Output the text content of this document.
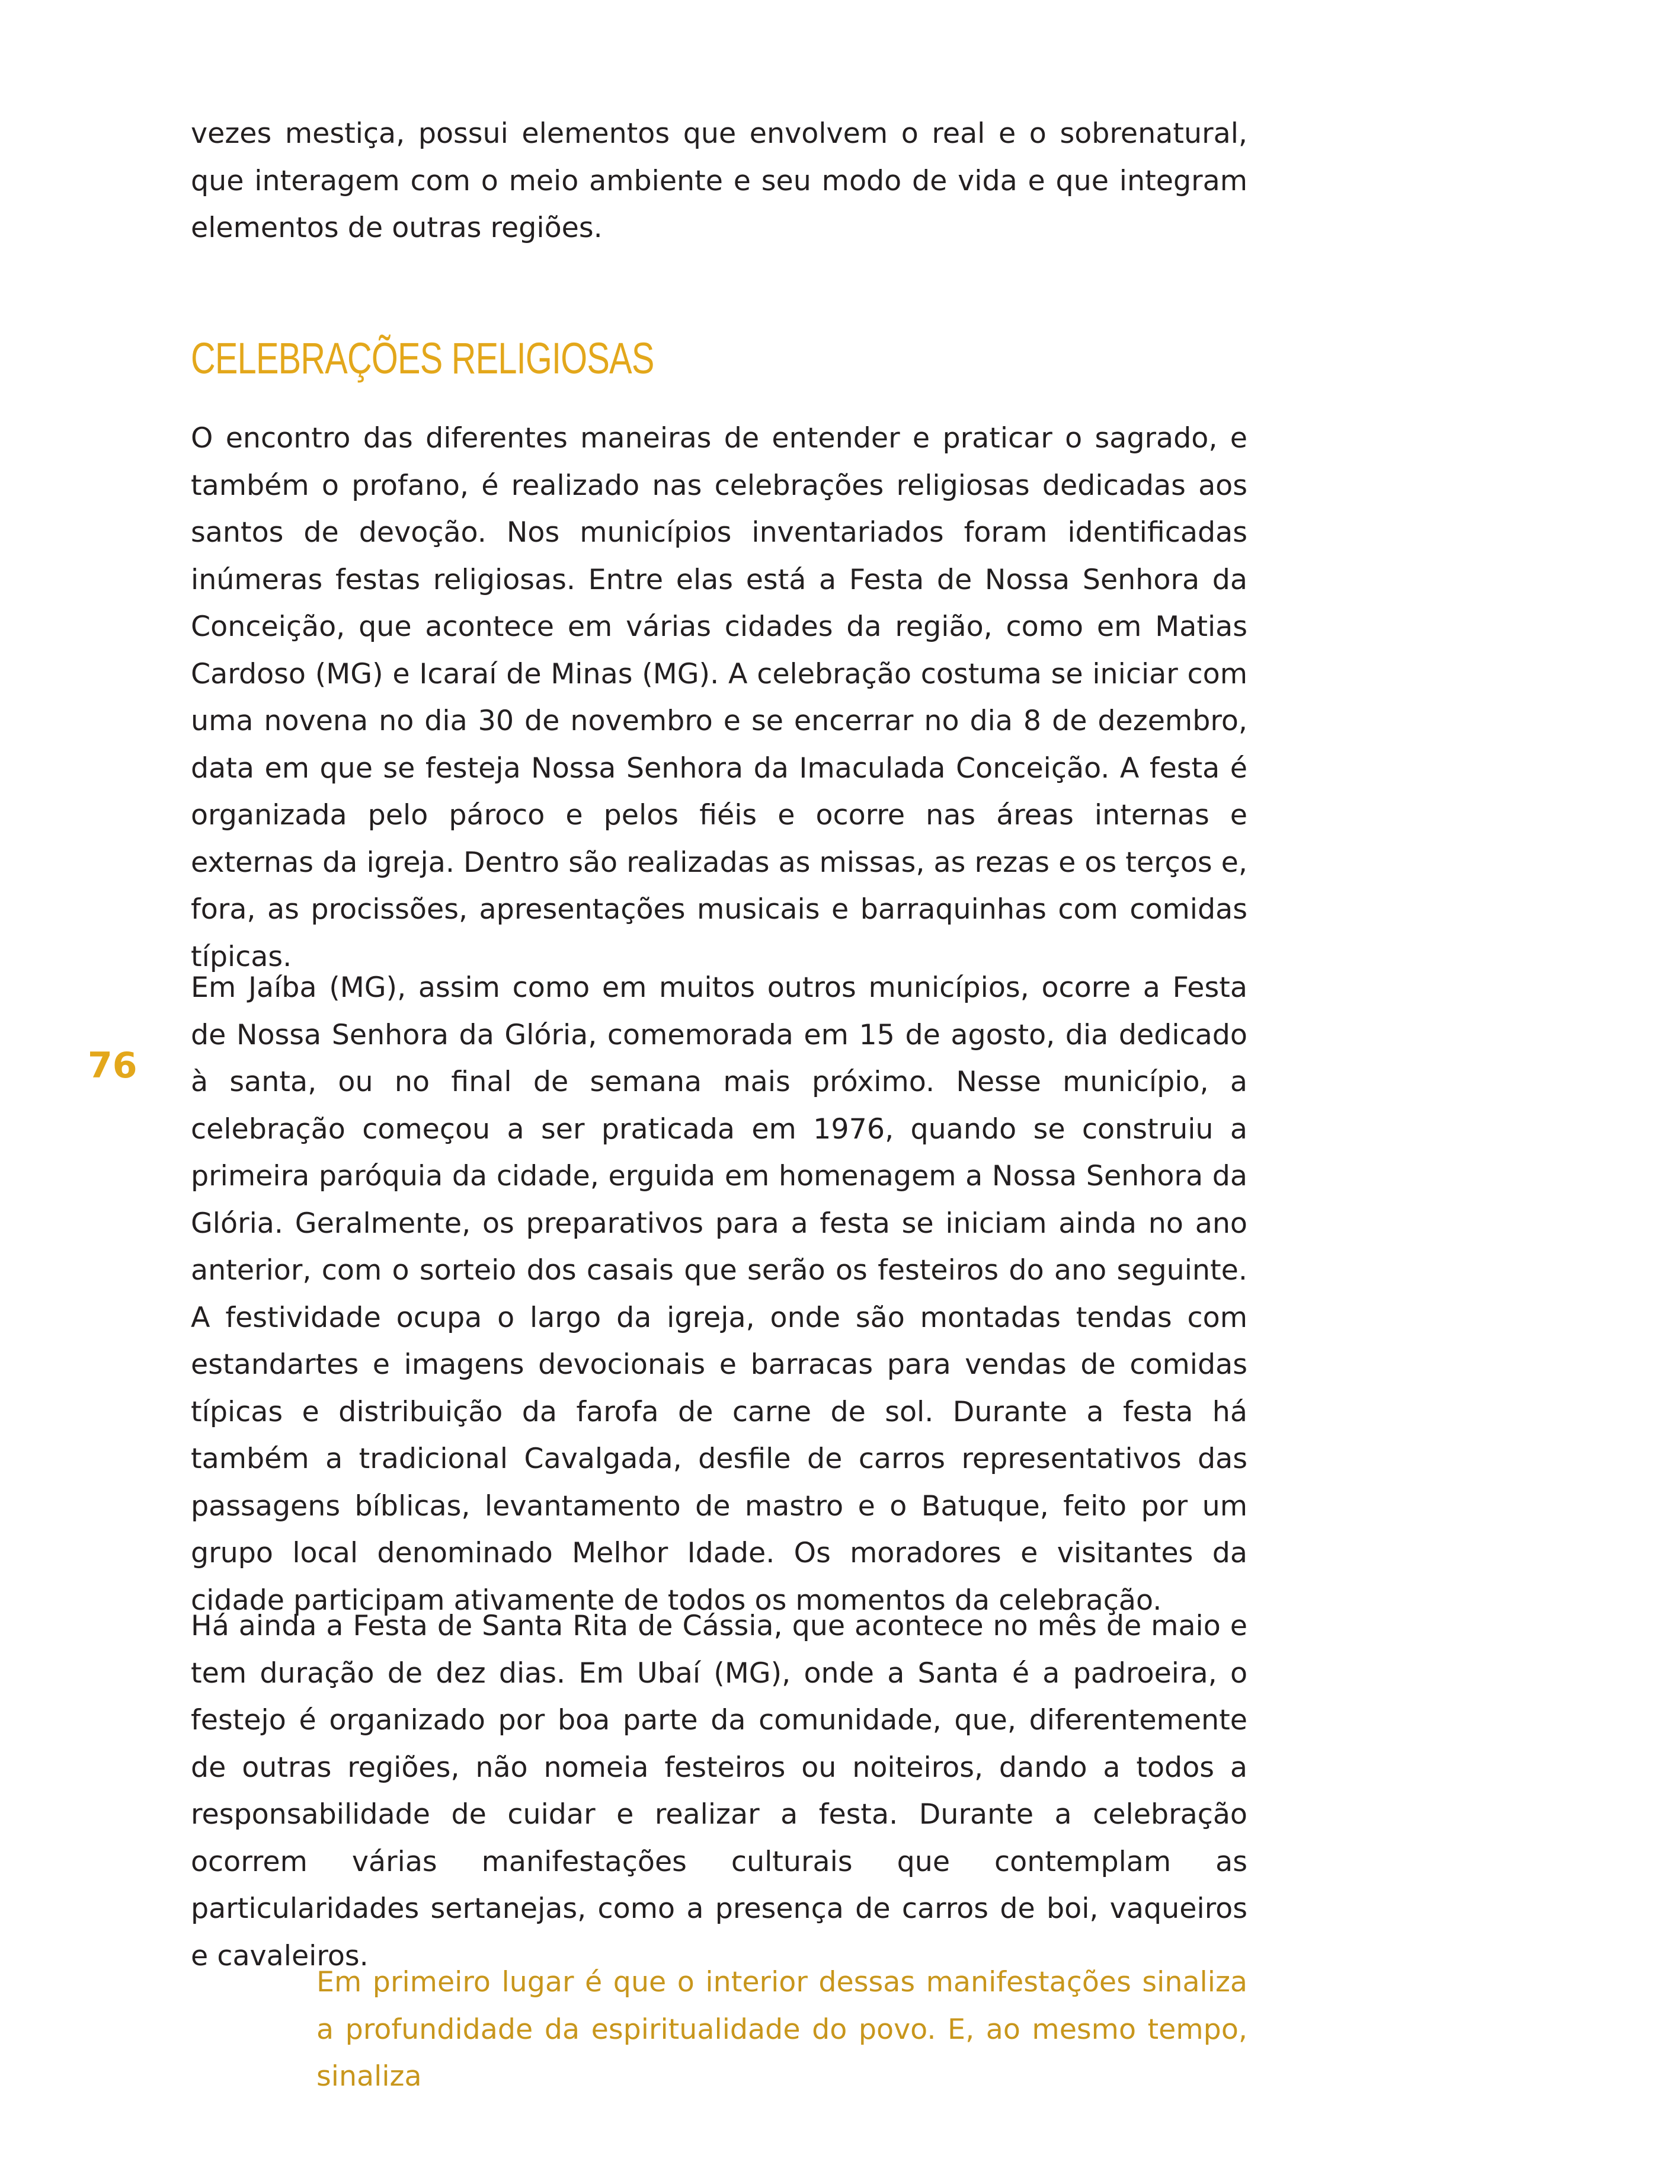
vezes mestiça, possui elementos que envolvem o real e o sobrenatural, que interagem com o meio ambiente e seu modo de vida e que integram elementos de outras regiões.

CELEBRAÇÕES RELIGIOSAS

O encontro das diferentes maneiras de entender e praticar o sagrado, e também o profano, é realizado nas celebrações religiosas dedicadas aos santos de devoção. Nos municípios inventariados foram identificadas inúmeras festas religiosas. Entre elas está a Festa de Nossa Senhora da Conceição, que acontece em várias cidades da região, como em Matias Cardoso (MG) e Icaraí de Minas (MG). A celebração costuma se iniciar com uma novena no dia 30 de novembro e se encerrar no dia 8 de dezembro, data em que se festeja Nossa Senhora da Imaculada Conceição. A festa é organizada pelo pároco e pelos fiéis e ocorre nas áreas internas e externas da igreja. Dentro são realizadas as missas, as rezas e os terços e, fora, as procissões, apresentações musicais e barraquinhas com comidas típicas.

Em Jaíba (MG), assim como em muitos outros municípios, ocorre a Festa de Nossa Senhora da Glória, comemorada em 15 de agosto, dia dedicado à santa, ou no final de semana mais próximo. Nesse município, a celebração começou a ser praticada em 1976, quando se construiu a primeira paróquia da cidade, erguida em homenagem a Nossa Senhora da Glória. Geralmente, os preparativos para a festa se iniciam ainda no ano anterior, com o sorteio dos casais que serão os festeiros do ano seguinte. A festividade ocupa o largo da igreja, onde são montadas tendas com estandartes e imagens devocionais e barracas para vendas de comidas típicas e distribuição da farofa de carne de sol. Durante a festa há também a tradicional Cavalgada, desfile de carros representativos das passagens bíblicas, levantamento de mastro e o Batuque, feito por um grupo local denominado Melhor Idade. Os moradores e visitantes da cidade participam ativamente de todos os momentos da celebração.

Há ainda a Festa de Santa Rita de Cássia, que acontece no mês de maio e tem duração de dez dias. Em Ubaí (MG), onde a Santa é a padroeira, o festejo é organizado por boa parte da comunidade, que, diferentemente de outras regiões, não nomeia festeiros ou noiteiros, dando a todos a responsabilidade de cuidar e realizar a festa. Durante a celebração ocorrem várias manifestações culturais que contemplam as particularidades sertanejas, como a presença de carros de boi, vaqueiros e cavaleiros.

Em primeiro lugar é que o interior dessas manifestações sinaliza a profundidade da espiritualidade do povo. E, ao mesmo tempo, sinaliza

76
